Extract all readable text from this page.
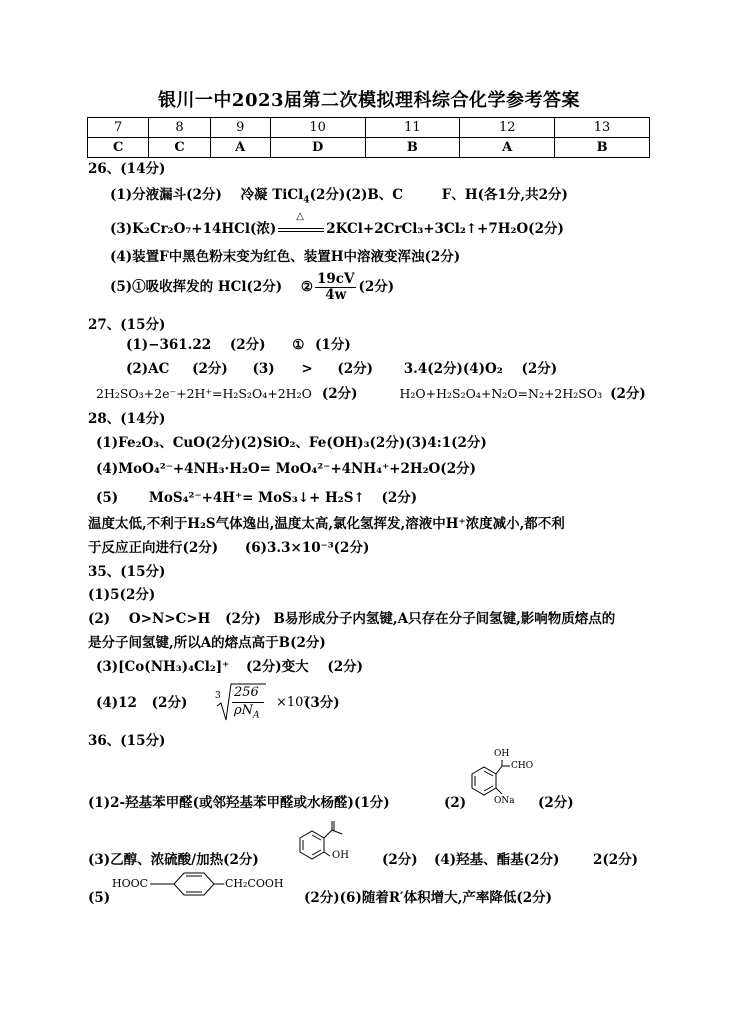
银川一中2023届第二次模拟理科综合化学参考答案
7	8	9	10	11	12	13
C	C	A	D	B	A	B
26、(14分)
(1)分液漏斗(2分) 冷凝 TiCl$_4$(2分)(2)B、C	F、H(各1分,共2分)
(3)K₂Cr₂O₇+14HCl(浓)
△
2KCl+2CrCl₃+3Cl₂↑+7H₂O(2分)
(4)装置F中黑色粉末变为红色、装置H中溶液变浑浊(2分)
(5)①吸收挥发的 HCl(2分) ② $\frac{19cV}{4w} (2$分)
27、(15分)
(1)−361.22 (2分) ① (1分)
(2)AC (2分) (3) > (2分) 3.4(2分)(4)O₂ (2分)
2H₂SO₃+2e⁻+2H⁺=H₂S₂O₄+2H₂O (2分)	H₂O+H₂S₂O₄+N₂O=N₂+2H₂SO₃ (2分)
28、(14分)
(1)Fe₂O₃、CuO(2分)(2)SiO₂、Fe(OH)₃(2分)(3)4:1(2分)
(4)MoO₄²⁻+4NH₃·H₂O= MoO₄²⁻+4NH₄⁺+2H₂O(2分)
(5) MoS₄²⁻+4H⁺= MoS₃↓+ H₂S↑ (2分)
温度太低,不利于H₂S气体逸出,温度太高,氯化氢挥发,溶液中H⁺浓度减小,都不利
于反应正向进行(2分) (6)3.3×10⁻³(2分)
35、(15分)
(1)5(2分)
(2) O>N>C>H (2分) B易形成分子内氢键,A只存在分子间氢键,影响物质熔点的
是分子间氢键,所以A的熔点高于B(2分)
(3)[Co(NH₃)₄Cl₂]⁺ (2分)变大 (2分)
(4)12 (2分)	3 256
$\rho N_A$
×10⁷
(3分)
36、(15分)
(1)2-羟基苯甲醛(或邻羟基苯甲醛或水杨醛)(1分)	(2)
OH
CHO
ONa (2分)
(3)乙醇、浓硫酸/加热(2分)	OH (2分) (4)羟基、酯基(2分) 2(2分)
(5)
HOOC	CH₂COOH
(2分)(6)随着R′体积增大,产率降低(2分)
